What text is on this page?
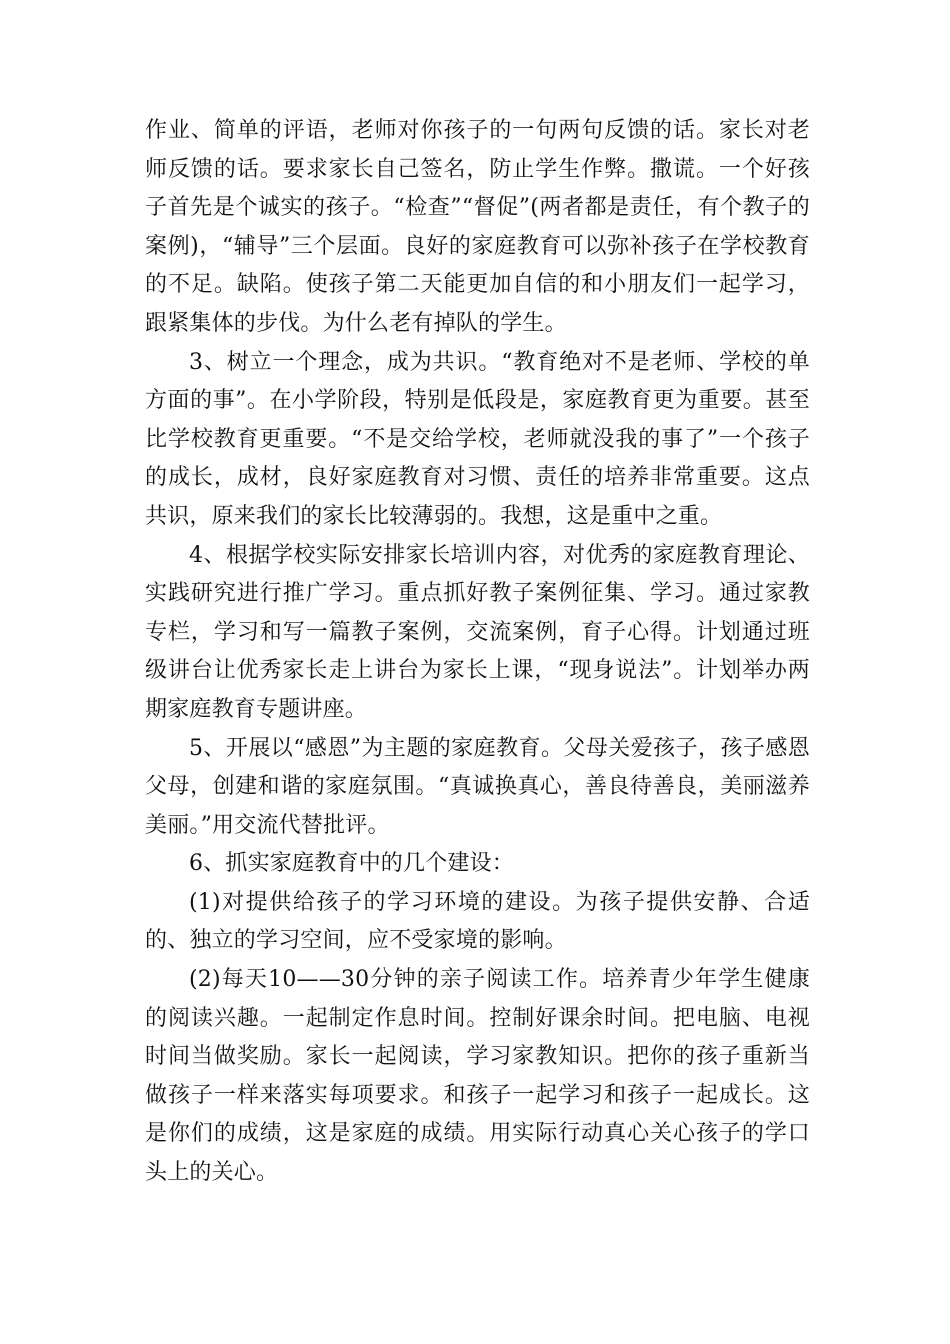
作业、简单的评语，老师对你孩子的一句两句反馈的话。家长对老师反馈的话。要求家长自己签名，防止学生作弊。撒谎。一个好孩子首先是个诚实的孩子。“检查”“督促”(两者都是责任，有个教子的案例)，“辅导”三个层面。良好的家庭教育可以弥补孩子在学校教育的不足。缺陷。使孩子第二天能更加自信的和小朋友们一起学习，跟紧集体的步伐。为什么老有掉队的学生。

3、树立一个理念，成为共识。“教育绝对不是老师、学校的单方面的事”。在小学阶段，特别是低段是，家庭教育更为重要。甚至比学校教育更重要。“不是交给学校，老师就没我的事了”一个孩子的成长，成材，良好家庭教育对习惯、责任的培养非常重要。这点共识，原来我们的家长比较薄弱的。我想，这是重中之重。

4、根据学校实际安排家长培训内容，对优秀的家庭教育理论、实践研究进行推广学习。重点抓好教子案例征集、学习。通过家教专栏，学习和写一篇教子案例，交流案例，育子心得。计划通过班级讲台让优秀家长走上讲台为家长上课，“现身说法”。计划举办两期家庭教育专题讲座。

5、开展以“感恩”为主题的家庭教育。父母关爱孩子，孩子感恩父母，创建和谐的家庭氛围。“真诚换真心，善良待善良，美丽滋养美丽。”用交流代替批评。

6、抓实家庭教育中的几个建设：

(1)对提供给孩子的学习环境的建设。为孩子提供安静、合适的、独立的学习空间，应不受家境的影响。

(2)每天10——30分钟的亲子阅读工作。培养青少年学生健康的阅读兴趣。一起制定作息时间。控制好课余时间。把电脑、电视时间当做奖励。家长一起阅读，学习家教知识。把你的孩子重新当做孩子一样来落实每项要求。和孩子一起学习和孩子一起成长。这是你们的成绩，这是家庭的成绩。用实际行动真心关心孩子的学口头上的关心。
